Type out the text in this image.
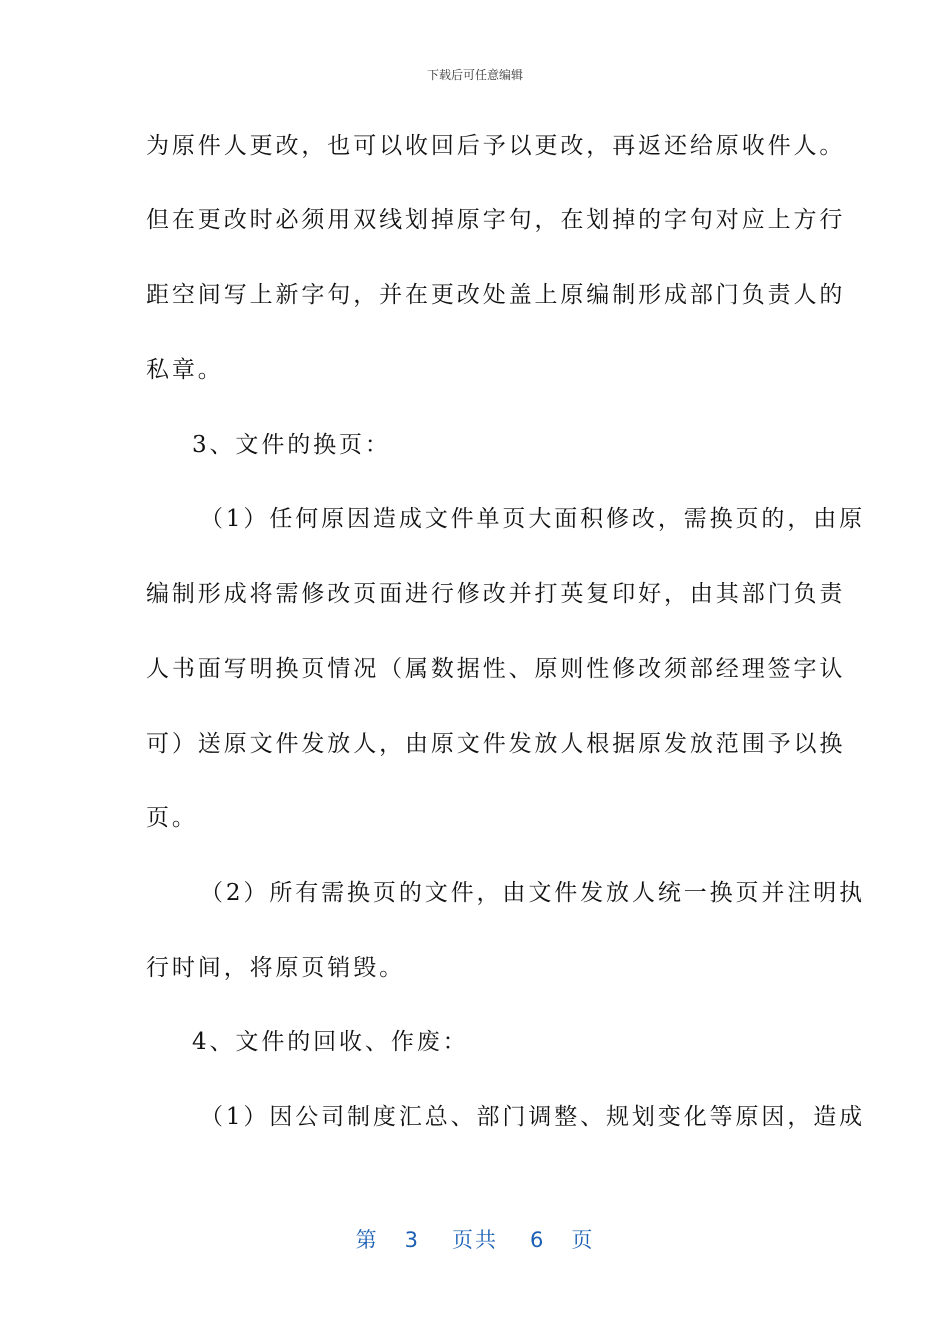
下载后可任意编辑
为原件人更改，也可以收回后予以更改，再返还给原收件人。
但在更改时必须用双线划掉原字句，在划掉的字句对应上方行
距空间写上新字句，并在更改处盖上原编制形成部门负责人的
私章。
3、文件的换页：
（1）任何原因造成文件单页大面积修改，需换页的，由原
编制形成将需修改页面进行修改并打英复印好，由其部门负责
人书面写明换页情况（属数据性、原则性修改须部经理签字认
可）送原文件发放人，由原文件发放人根据原发放范围予以换
页。
（2）所有需换页的文件，由文件发放人统一换页并注明执
行时间，将原页销毁。
4、文件的回收、作废：
（1）因公司制度汇总、部门调整、规划变化等原因，造成
第 3 页共 6 页
